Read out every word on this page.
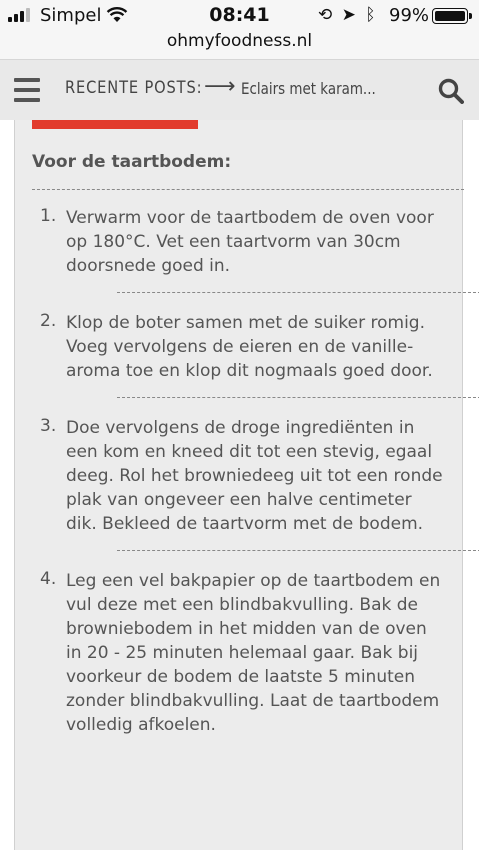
Simpel	08:41	⟲ ➤ ᛒ 99%
ohmyfoodness.nl
RECENTE POSTS: ⟶ Eclairs met karam...
Voor de taartbodem:
1. Verwarm voor de taartbodem de oven voor op 180°C. Vet een taartvorm van 30cm doorsnede goed in.
2. Klop de boter samen met de suiker romig. Voeg vervolgens de eieren en de vanille-aroma toe en klop dit nogmaals goed door.
3. Doe vervolgens de droge ingrediënten in een kom en kneed dit tot een stevig, egaal deeg. Rol het browniedeeg uit tot een ronde plak van ongeveer een halve centimeter dik. Bekleed de taartvorm met de bodem.
4. Leg een vel bakpapier op de taartbodem en vul deze met een blindbakvulling. Bak de browniebodem in het midden van de oven in 20 - 25 minuten helemaal gaar. Bak bij voorkeur de bodem de laatste 5 minuten zonder blindbakvulling. Laat de taartbodem volledig afkoelen.
